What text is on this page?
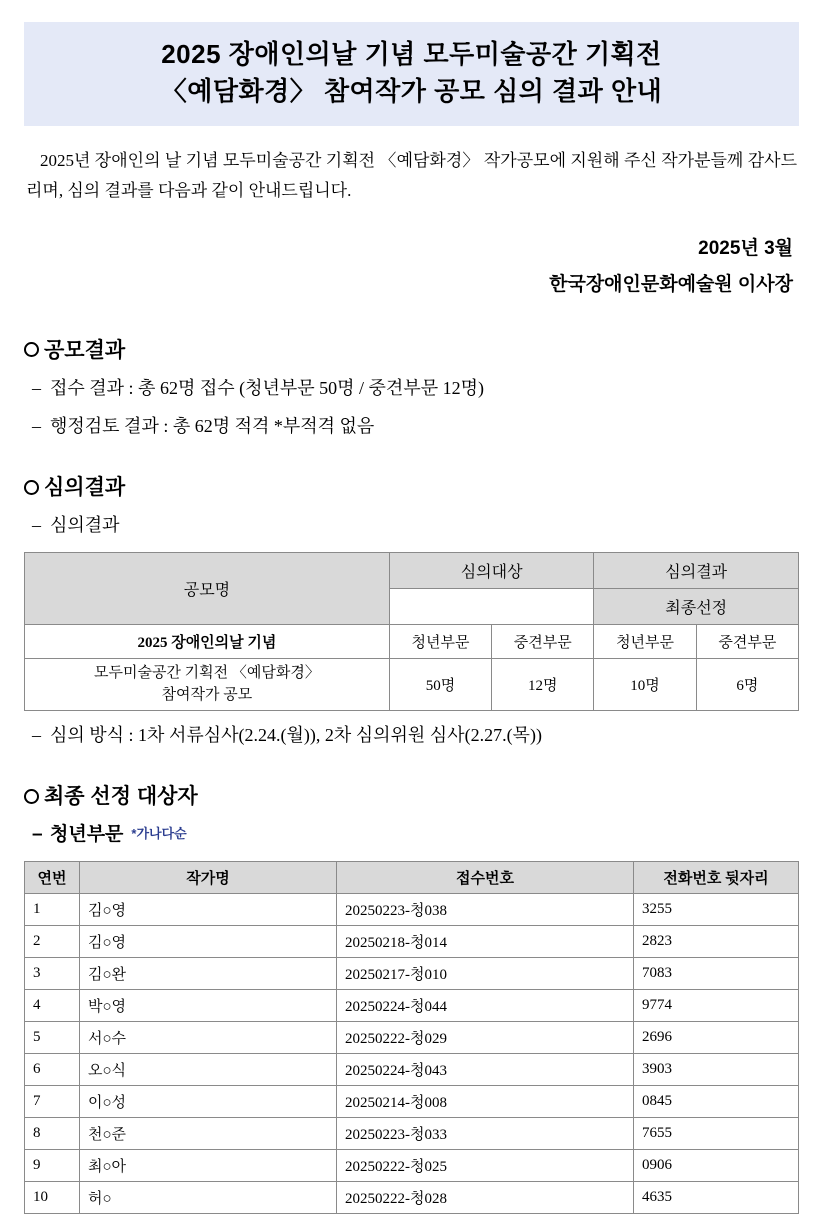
2025 장애인의날 기념 모두미술공간 기획전
〈예담화경〉 참여작가 공모 심의 결과 안내

2025년 장애인의 날 기념 모두미술공간 기획전 〈예담화경〉 작가공모에 지원해 주신 작가분들께 감사드리며, 심의 결과를 다음과 같이 안내드립니다.

2025년 3월
한국장애인문화예술원 이사장
공모결과
– 접수 결과 : 총 62명 접수 (청년부문 50명 / 중견부문 12명)
– 행정검토 결과 : 총 62명 적격 *부적격 없음
심의결과
– 심의결과
공모명	심의대상		심의결과	
			최종선정	
2025 장애인의날 기념	청년부문	중견부문	청년부문	중견부문

모두미술공간 기획전 〈예담화경〉
참여작가 공모	50명	12명	10명	6명
– 심의 방식 : 1차 서류심사(2.24.(월)), 2차 심의위원 심사(2.27.(목))
최종 선정 대상자
– 청년부문 *가나다순
연번	작가명	접수번호	전화번호 뒷자리
1	김○영	20250223-청038	3255
2	김○영	20250218-청014	2823
3	김○완	20250217-청010	7083
4	박○영	20250224-청044	9774
5	서○수	20250222-청029	2696
6	오○식	20250224-청043	3903
7	이○성	20250214-청008	0845
8	천○준	20250223-청033	7655
9	최○아	20250222-청025	0906
10	허○	20250222-청028	4635
